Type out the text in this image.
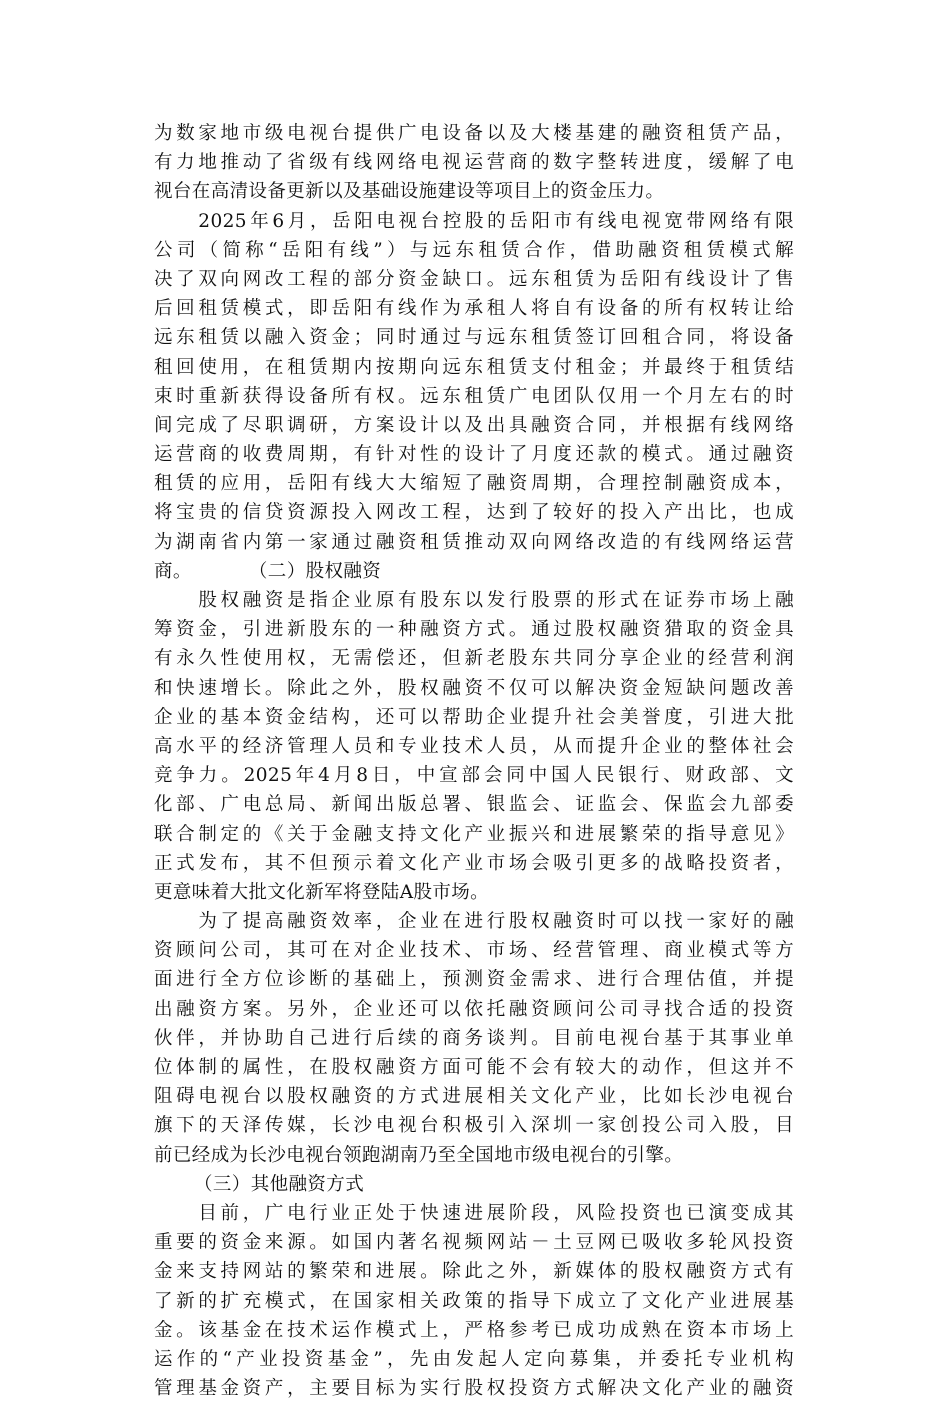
为数家地市级电视台提供广电设备以及大楼基建的融资租赁产品，
有力地推动了省级有线网络电视运营商的数字整转进度，缓解了电
视台在高清设备更新以及基础设施建设等项目上的资金压力。
　　2025年6月，岳阳电视台控股的岳阳市有线电视宽带网络有限
公司（简称“岳阳有线”）与远东租赁合作，借助融资租赁模式解
决了双向网改工程的部分资金缺口。远东租赁为岳阳有线设计了售
后回租赁模式，即岳阳有线作为承租人将自有设备的所有权转让给
远东租赁以融入资金；同时通过与远东租赁签订回租合同，将设备
租回使用，在租赁期内按期向远东租赁支付租金；并最终于租赁结
束时重新获得设备所有权。远东租赁广电团队仅用一个月左右的时
间完成了尽职调研，方案设计以及出具融资合同，并根据有线网络
运营商的收费周期，有针对性的设计了月度还款的模式。通过融资
租赁的应用，岳阳有线大大缩短了融资周期，合理控制融资成本，
将宝贵的信贷资源投入网改工程，达到了较好的投入产出比，也成
为湖南省内第一家通过融资租赁推动双向网络改造的有线网络运营
商。　　　　（二）股权融资
　　股权融资是指企业原有股东以发行股票的形式在证券市场上融
筹资金，引进新股东的一种融资方式。通过股权融资猎取的资金具
有永久性使用权，无需偿还，但新老股东共同分享企业的经营利润
和快速增长。除此之外，股权融资不仅可以解决资金短缺问题改善
企业的基本资金结构，还可以帮助企业提升社会美誉度，引进大批
高水平的经济管理人员和专业技术人员，从而提升企业的整体社会
竞争力。2025年4月8日，中宣部会同中国人民银行、财政部、文
化部、广电总局、新闻出版总署、银监会、证监会、保监会九部委
联合制定的《关于金融支持文化产业振兴和进展繁荣的指导意见》
正式发布，其不但预示着文化产业市场会吸引更多的战略投资者，
更意味着大批文化新军将登陆A股市场。
　　为了提高融资效率，企业在进行股权融资时可以找一家好的融
资顾问公司，其可在对企业技术、市场、经营管理、商业模式等方
面进行全方位诊断的基础上，预测资金需求、进行合理估值，并提
出融资方案。另外，企业还可以依托融资顾问公司寻找合适的投资
伙伴，并协助自己进行后续的商务谈判。目前电视台基于其事业单
位体制的属性，在股权融资方面可能不会有较大的动作，但这并不
阻碍电视台以股权融资的方式进展相关文化产业，比如长沙电视台
旗下的天泽传媒，长沙电视台积极引入深圳一家创投公司入股，目
前已经成为长沙电视台领跑湖南乃至全国地市级电视台的引擎。
（三）其他融资方式
　　目前，广电行业正处于快速进展阶段，风险投资也已演变成其
重要的资金来源。如国内著名视频网站－土豆网已吸收多轮风投资
金来支持网站的繁荣和进展。除此之外，新媒体的股权融资方式有
了新的扩充模式，在国家相关政策的指导下成立了文化产业进展基
金。该基金在技术运作模式上，严格参考已成功成熟在资本市场上
运作的“产业投资基金”，先由发起人定向募集，并委托专业机构
管理基金资产，主要目标为实行股权投资方式解决文化产业的融资
